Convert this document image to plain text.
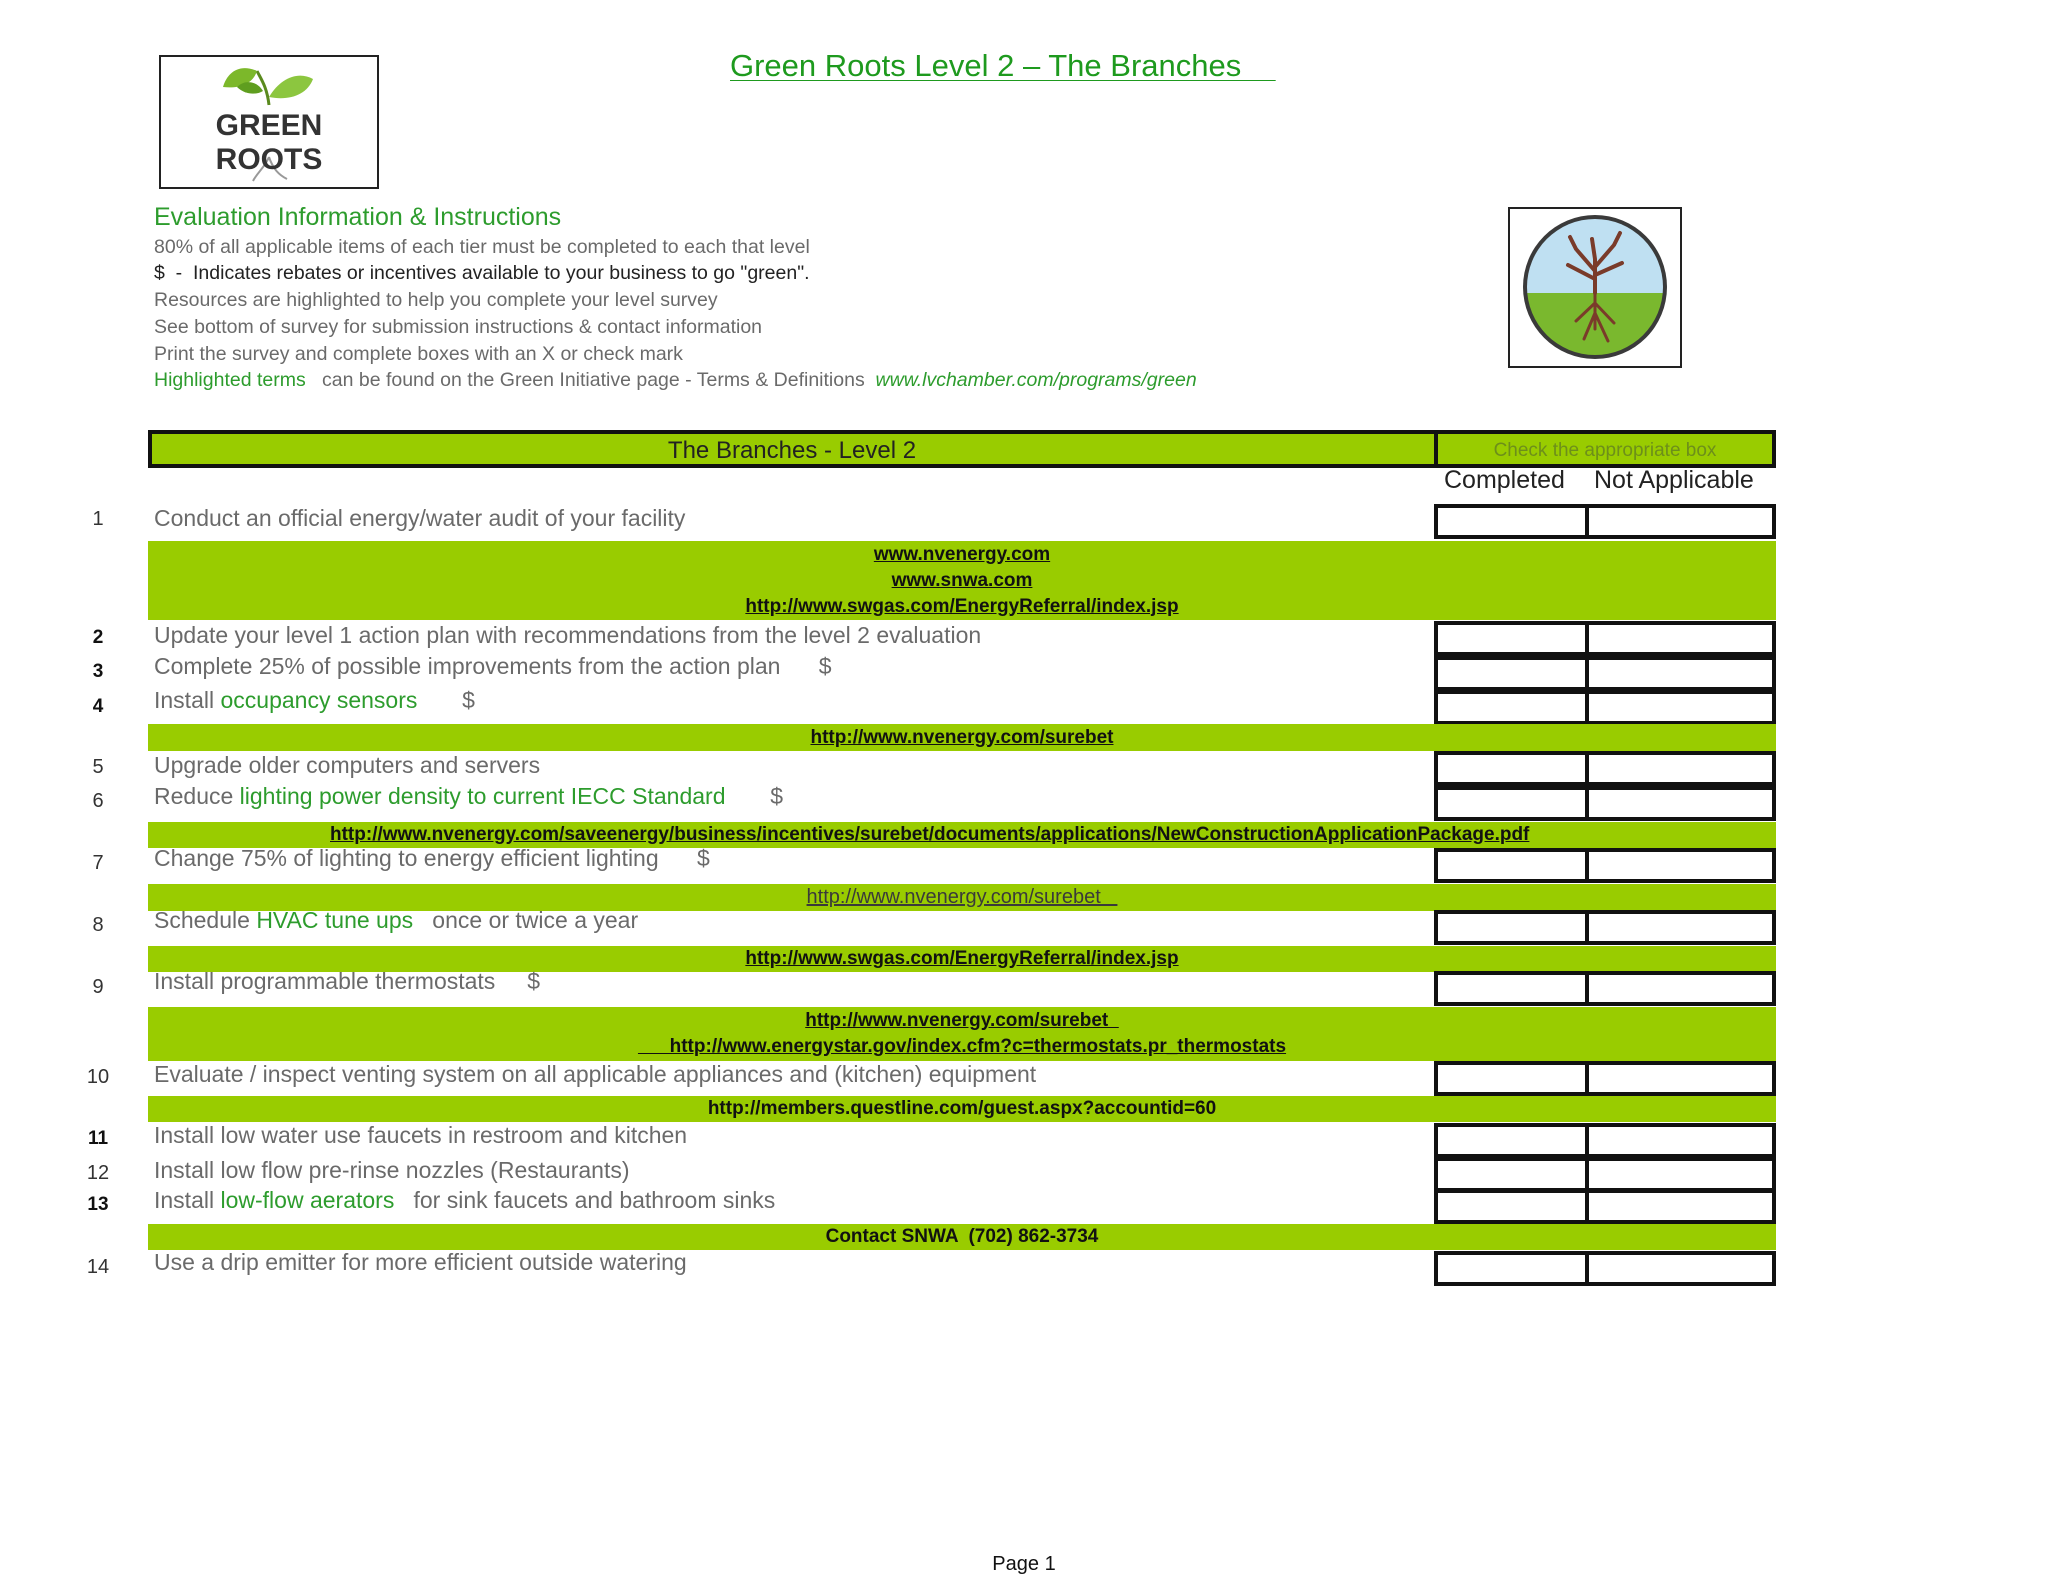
Green Roots Level 2 – The Branches
GREEN ROOTS
Evaluation Information & Instructions
80% of all applicable items of each tier must be completed to each that level
$  -  Indicates rebates or incentives available to your business to go "green".
Resources are highlighted to help you complete your level survey
See bottom of survey for submission instructions & contact information
Print the survey and complete boxes with an X or check mark
Highlighted terms   can be found on the Green Initiative page - Terms & Definitions  www.lvchamber.com/programs/green
The Branches - Level 2	Check the appropriate box
Completed Not Applicable
1	Conduct an official energy/water audit of your facility
www.nvenergy.com
www.snwa.com
http://www.swgas.com/EnergyReferral/index.jsp
2	Update your level 1 action plan with recommendations from the level 2 evaluation
3	Complete 25% of possible improvements from the action plan      $
4	Install occupancy sensors       $
http://www.nvenergy.com/surebet
5	Upgrade older computers and servers
6	Reduce lighting power density to current IECC Standard       $
http://www.nvenergy.com/saveenergy/business/incentives/surebet/documents/applications/NewConstructionApplicationPackage.pdf
7	Change 75% of lighting to energy efficient lighting      $
http://www.nvenergy.com/surebet
8	Schedule HVAC tune ups   once or twice a year
http://www.swgas.com/EnergyReferral/index.jsp
9	Install programmable thermostats     $
http://www.nvenergy.com/surebet
http://www.energystar.gov/index.cfm?c=thermostats.pr_thermostats
10	Evaluate / inspect venting system on all applicable appliances and (kitchen) equipment
http://members.questline.com/guest.aspx?accountid=60
11	Install low water use faucets in restroom and kitchen
12	Install low flow pre-rinse nozzles (Restaurants)
13	Install low-flow aerators   for sink faucets and bathroom sinks
Contact SNWA  (702) 862-3734
14	Use a drip emitter for more efficient outside watering
Page 1
